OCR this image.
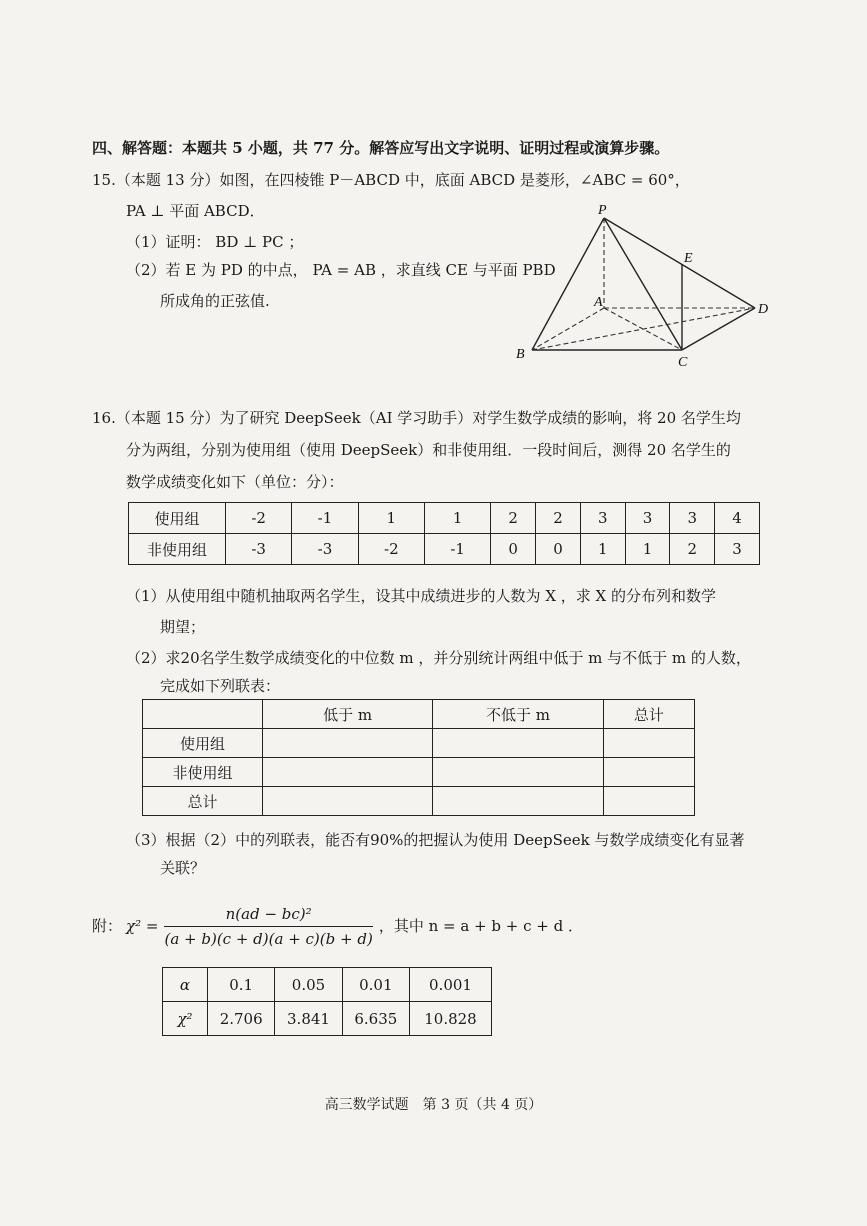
四、解答题：本题共 5 小题，共 77 分。解答应写出文字说明、证明过程或演算步骤。
15.（本题 13 分）如图，在四棱锥 P－ABCD 中，底面 ABCD 是菱形，∠ABC = 60°，
PA ⊥ 平面 ABCD．
（1）证明： BD ⊥ PC ；
（2）若 E 为 PD 的中点， PA = AB ，求直线 CE 与平面 PBD
所成角的正弦值.
P
E
A	D
B
C
16.（本题 15 分）为了研究 DeepSeek（AI 学习助手）对学生数学成绩的影响，将 20 名学生均
分为两组，分别为使用组（使用 DeepSeek）和非使用组．一段时间后，测得 20 名学生的
数学成绩变化如下（单位：分）：
使用组	-2	-1	1	1	2	2	3	3	3	4
非使用组	-3	-3	-2	-1	0	0	1	1	2	3
（1）从使用组中随机抽取两名学生，设其中成绩进步的人数为 X ，求 X 的分布列和数学
期望；
（2）求20名学生数学成绩变化的中位数 m ，并分别统计两组中低于 m 与不低于 m 的人数，
完成如下列联表：
	低于 m	不低于 m	总计
使用组			
非使用组			
总计			
（3）根据（2）中的列联表，能否有90%的把握认为使用 DeepSeek 与数学成绩变化有显著
关联？
附： $\chi^2 = \frac{\text{n(ad − bc)²}}{(a + b)(c + d)(a + c)(b + d)}$ ，其中 n = a + b + c + d ．
α	0.1	0.05	0.01	0.001
χ²	2.706	3.841	6.635	10.828
高三数学试题　第 3 页（共 4 页）
